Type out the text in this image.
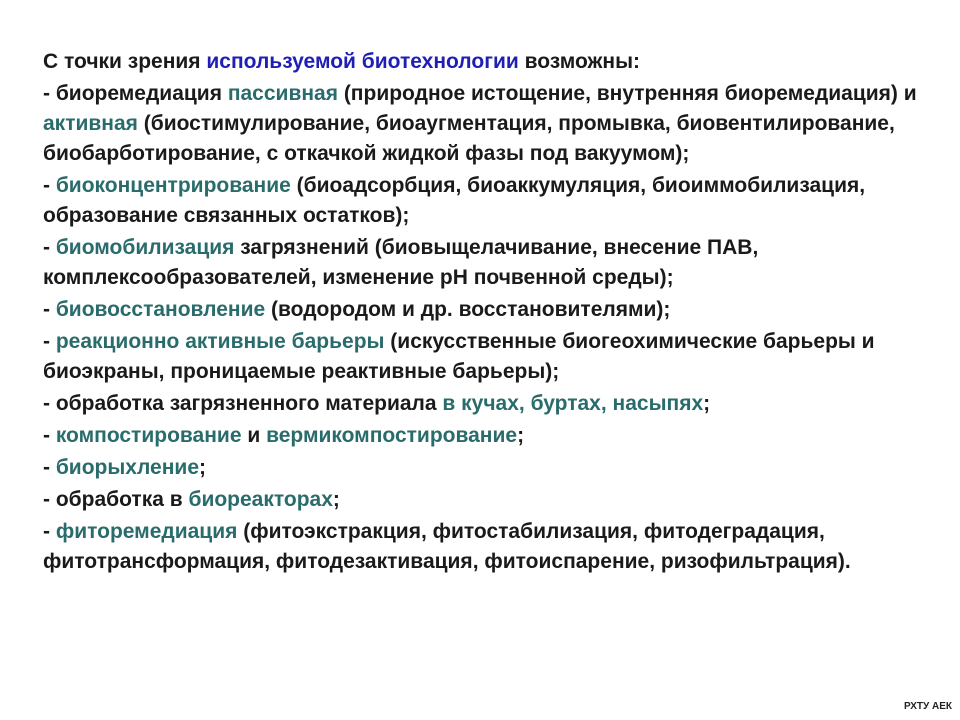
С точки зрения используемой биотехнологии возможны:

- биоремедиация пассивная (природное истощение, внутренняя биоремедиация) и активная (биостимулирование, биоаугментация, промывка, биовентилирование, биобарботирование, с откачкой жидкой фазы под вакуумом);

- биоконцентрирование (биоадсорбция, биоаккумуляция, биоиммобилизация, образование связанных остатков);

- биомобилизация загрязнений (биовыщелачивание, внесение ПАВ, комплексообразователей, изменение рН почвенной среды);

- биовосстановление (водородом и др. восстановителями);

- реакционно активные барьеры (искусственные биогеохимические барьеры и биоэкраны, проницаемые реактивные барьеры);

- обработка загрязненного материала в кучах, буртах, насыпях;

- компостирование и вермикомпостирование;

- биорыхление;

- обработка в биореакторах;

- фиторемедиация (фитоэкстракция, фитостабилизация, фитодеградация, фитотрансформация, фитодезактивация, фитоиспарение, ризофильтрация).

РХТУ АЕК
